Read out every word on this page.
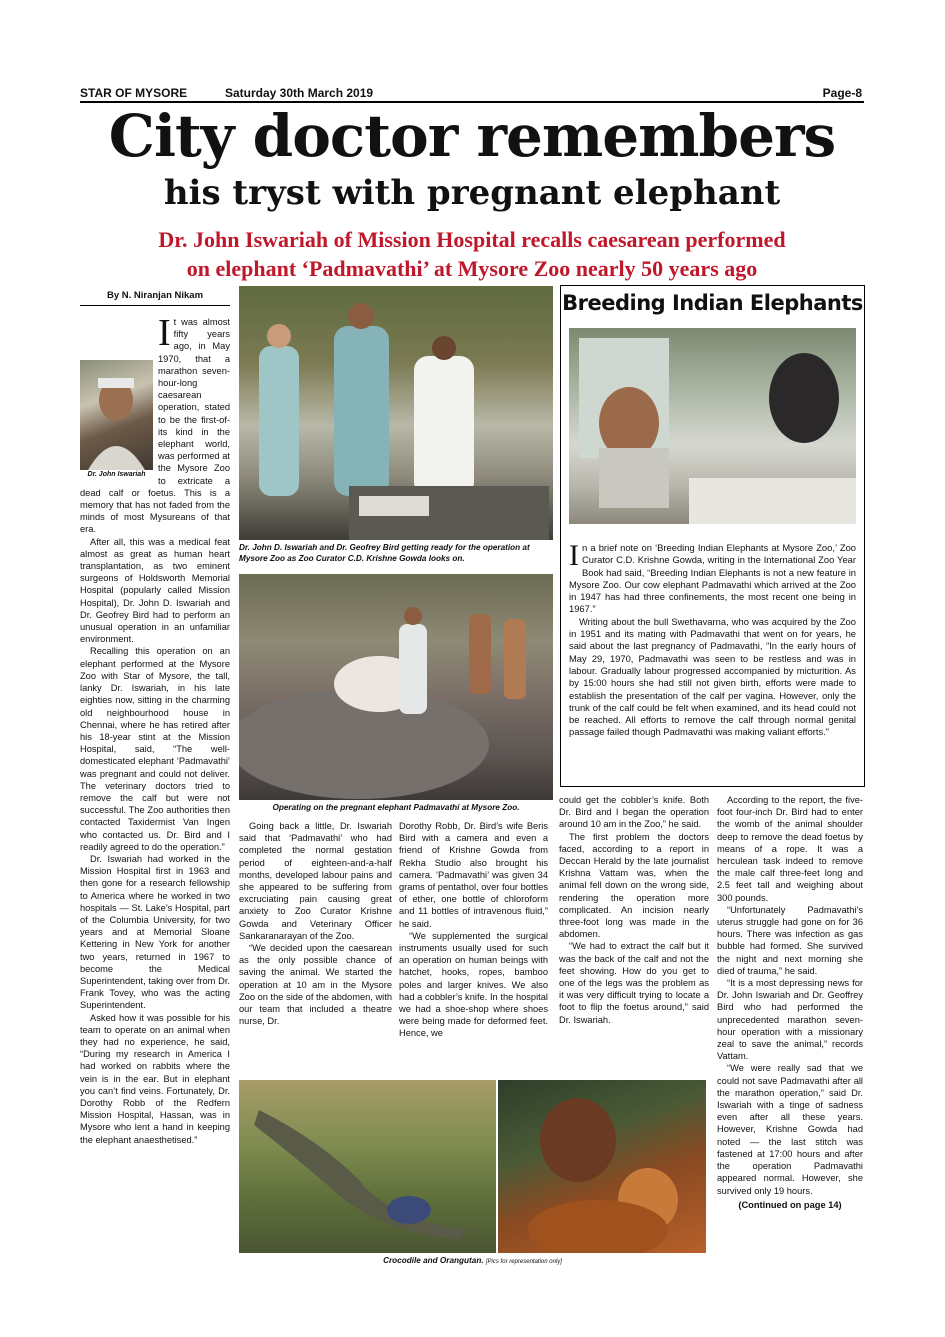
STAR OF MYSORE	Saturday 30th March 2019	Page-8
City doctor remembers
his tryst with pregnant elephant
Dr. John Iswariah of Mission Hospital recalls caesarean performed
on elephant ‘Padmavathi’ at Mysore Zoo nearly 50 years ago
By N. Niranjan Nikam
Dr. John Iswariah

It was almost fifty years ago, in May 1970, that a marathon seven-hour-long caesarean operation, stated to be the first-of-its kind in the elephant world, was performed at the Mysore Zoo to extricate a dead calf or foetus. This is a memory that has not faded from the minds of most Mysureans of that era.

After all, this was a medical feat almost as great as human heart transplantation, as two eminent surgeons of Holdsworth Memorial Hospital (popularly called Mission Hospital), Dr. John D. Iswariah and Dr. Geofrey Bird had to perform an unusual operation in an unfamiliar environment.

Recalling this operation on an elephant performed at the Mysore Zoo with Star of Mysore, the tall, lanky Dr. Iswariah, in his late eighties now, sitting in the charming old neighbourhood house in Chennai, where he has retired after his 18-year stint at the Mission Hospital, said, “The well-domesticated elephant ‘Padmavathi’ was pregnant and could not deliver. The veterinary doctors tried to remove the calf but were not successful. The Zoo authorities then contacted Taxidermist Van Ingen who contacted us. Dr. Bird and I readily agreed to do the operation.”

Dr. Iswariah had worked in the Mission Hospital first in 1963 and then gone for a research fellowship to America where he worked in two hospitals — St. Lake’s Hospital, part of the Columbia University, for two years and at Memorial Sloane Kettering in New York for another two years, returned in 1967 to become the Medical Superintendent, taking over from Dr. Frank Tovey, who was the acting Superintendent.

Asked how it was possible for his team to operate on an animal when they had no experience, he said, “During my research in America I had worked on rabbits where the vein is in the ear. But in elephant you can’t find veins. Fortunately, Dr. Dorothy Robb of the Redfern Mission Hospital, Hassan, was in Mysore who lent a hand in keeping the elephant anaesthetised.”

Dr. John D. Iswariah and Dr. Geofrey Bird getting ready for the operation at Mysore Zoo as Zoo Curator C.D. Krishne Gowda looks on.
Operating on the pregnant elephant Padmavathi at Mysore Zoo.

Going back a little, Dr. Iswariah said that ‘Padmavathi’ who had completed the normal gestation period of eighteen-and-a-half months, developed labour pains and she appeared to be suffering from excruciating pain causing great anxiety to Zoo Curator Krishne Gowda and Veterinary Officer Sankaranarayan of the Zoo.

“We decided upon the caesarean as the only possible chance of saving the animal. We started the operation at 10 am in the Mysore Zoo on the side of the abdomen, with our team that included a theatre nurse, Dr.

Dorothy Robb, Dr. Bird’s wife Beris Bird with a camera and even a friend of Krishne Gowda from Rekha Studio also brought his camera. ‘Padmavathi’ was given 34 grams of pentathol, over four bottles of ether, one bottle of chloroform and 11 bottles of intravenous fluid,” he said.

“We supplemented the surgical instruments usually used for such an operation on human beings with hatchet, hooks, ropes, bamboo poles and larger knives. We also had a cobbler’s knife. In the hospital we had a shoe-shop where shoes were being made for deformed feet. Hence, we

could get the cobbler’s knife. Both Dr. Bird and I began the operation around 10 am in the Zoo,” he said.

The first problem the doctors faced, according to a report in Deccan Herald by the late journalist Krishna Vattam was, when the animal fell down on the wrong side, rendering the operation more complicated. An incision nearly three-foot long was made in the abdomen.

“We had to extract the calf but it was the back of the calf and not the feet showing. How do you get to one of the legs was the problem as it was very difficult trying to locate a foot to flip the foetus around,” said Dr. Iswariah.

According to the report, the five-foot four-inch Dr. Bird had to enter the womb of the animal shoulder deep to remove the dead foetus by means of a rope. It was a herculean task indeed to remove the male calf three-feet long and 2.5 feet tall and weighing about 300 pounds.

“Unfortunately Padmavathi’s uterus struggle had gone on for 36 hours. There was infection as gas bubble had formed. She survived the night and next morning she died of trauma,” he said.

“It is a most depressing news for Dr. John Iswariah and Dr. Geoffrey Bird who had performed the unprecedented marathon seven-hour operation with a missionary zeal to save the animal,” records Vattam.

“We were really sad that we could not save Padmavathi after all the marathon operation,” said Dr. Iswariah with a tinge of sadness even after all these years. However, Krishne Gowda had noted — the last stitch was fastened at 17:00 hours and after the operation Padmavathi appeared normal. However, she survived only 19 hours.

(Continued on page 14)
Breeding Indian Elephants

In a brief note on ‘Breeding Indian Elephants at Mysore Zoo,’ Zoo Curator C.D. Krishne Gowda, writing in the International Zoo Year Book had said, “Breeding Indian Elephants is not a new feature in Mysore Zoo. Our cow elephant Padmavathi which arrived at the Zoo in 1947 has had three confinements, the most recent one being in 1967.”

Writing about the bull Swethavarna, who was acquired by the Zoo in 1951 and its mating with Padmavathi that went on for years, he said about the last pregnancy of Padmavathi, “In the early hours of May 29, 1970, Padmavathi was seen to be restless and was in labour. Gradually labour progressed accompanied by micturition. As by 15:00 hours she had still not given birth, efforts were made to establish the presentation of the calf per vagina. However, only the trunk of the calf could be felt when examined, and its head could not be reached. All efforts to remove the calf through normal genital passage failed though Padmavathi was making valiant efforts.”

Crocodile and Orangutan. [Pics for representation only]
